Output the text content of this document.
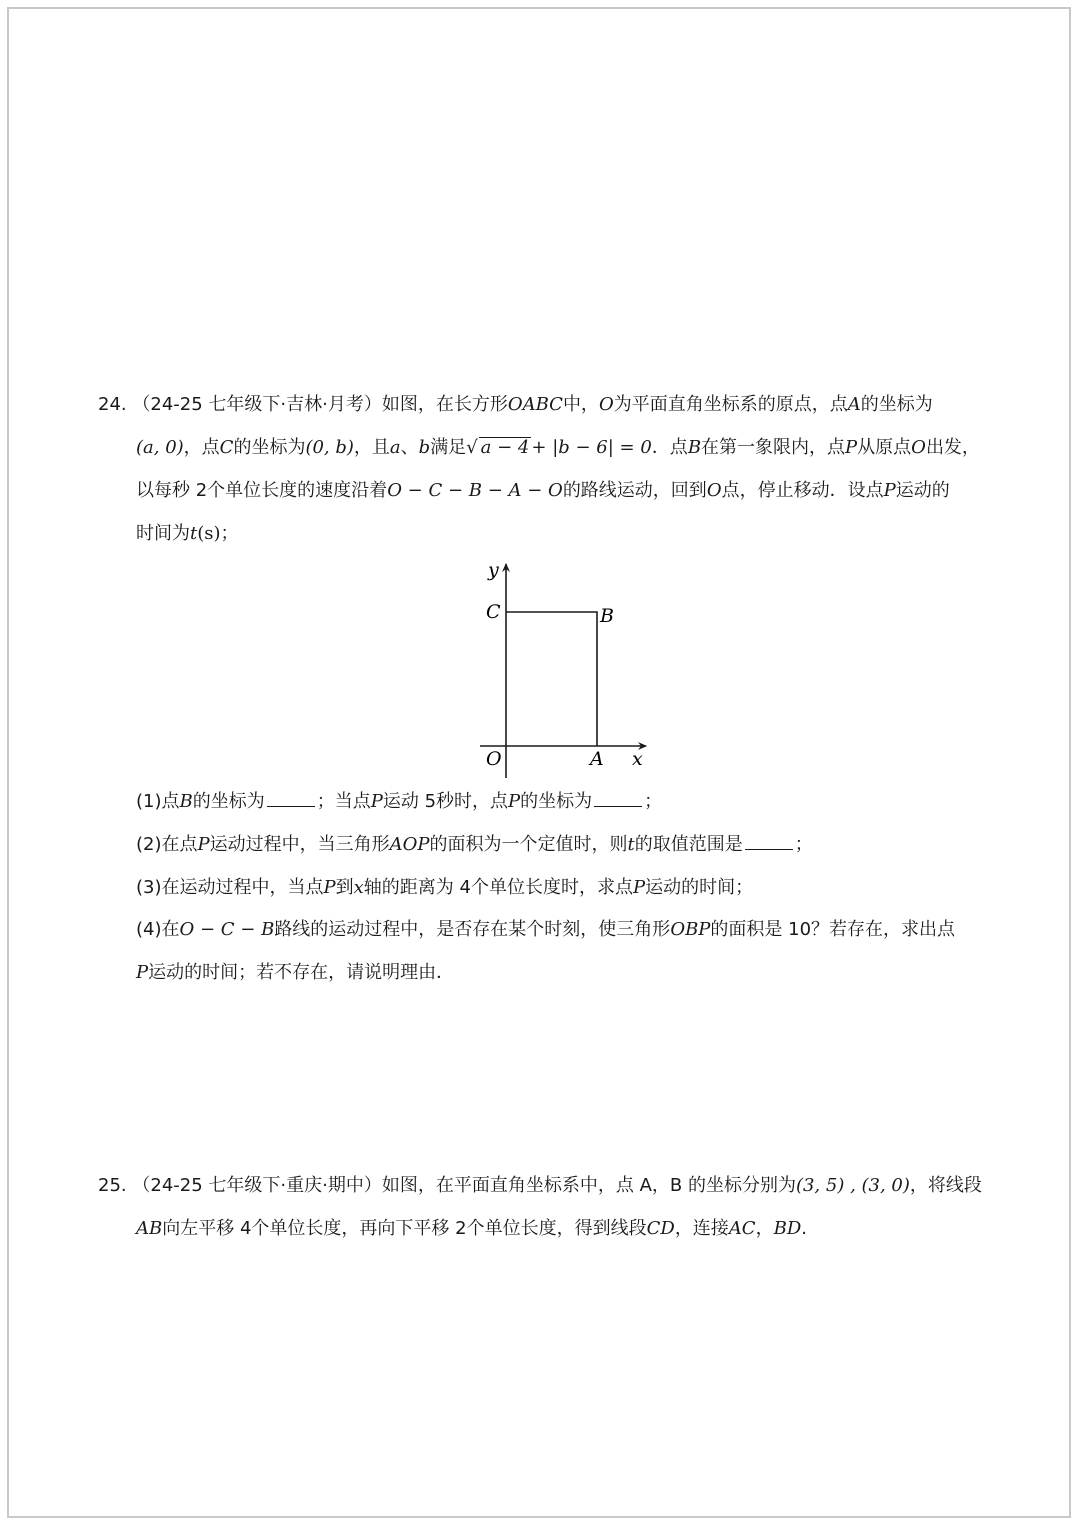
24. （24-25 七年级下·吉林·月考）如图，在长方形OABC中，O为平面直角坐标系的原点，点A的坐标为
(a, 0)，点C的坐标为(0, b)，且a、b满足√ a − 4 + |b − 6| = 0．点B在第一象限内，点P从原点O出发，
以每秒 2个单位长度的速度沿着O − C − B − A − O的路线运动，回到O点，停止移动．设点P运动的
时间为t(s)；
y
C	B
O	A x
(1)点B的坐标为	；当点P运动 5秒时，点P的坐标为	；
(2)在点P运动过程中，当三角形AOP的面积为一个定值时，则t的取值范围是	；
(3)在运动过程中，当点P到x轴的距离为 4个单位长度时，求点P运动的时间；
(4)在O − C − B路线的运动过程中，是否存在某个时刻，使三角形OBP的面积是 10？若存在，求出点
P运动的时间；若不存在，请说明理由．
25. （24-25 七年级下·重庆·期中）如图，在平面直角坐标系中，点 A，B 的坐标分别为(3, 5) , (3, 0)，将线段
AB向左平移 4个单位长度，再向下平移 2个单位长度，得到线段CD，连接AC，BD.
